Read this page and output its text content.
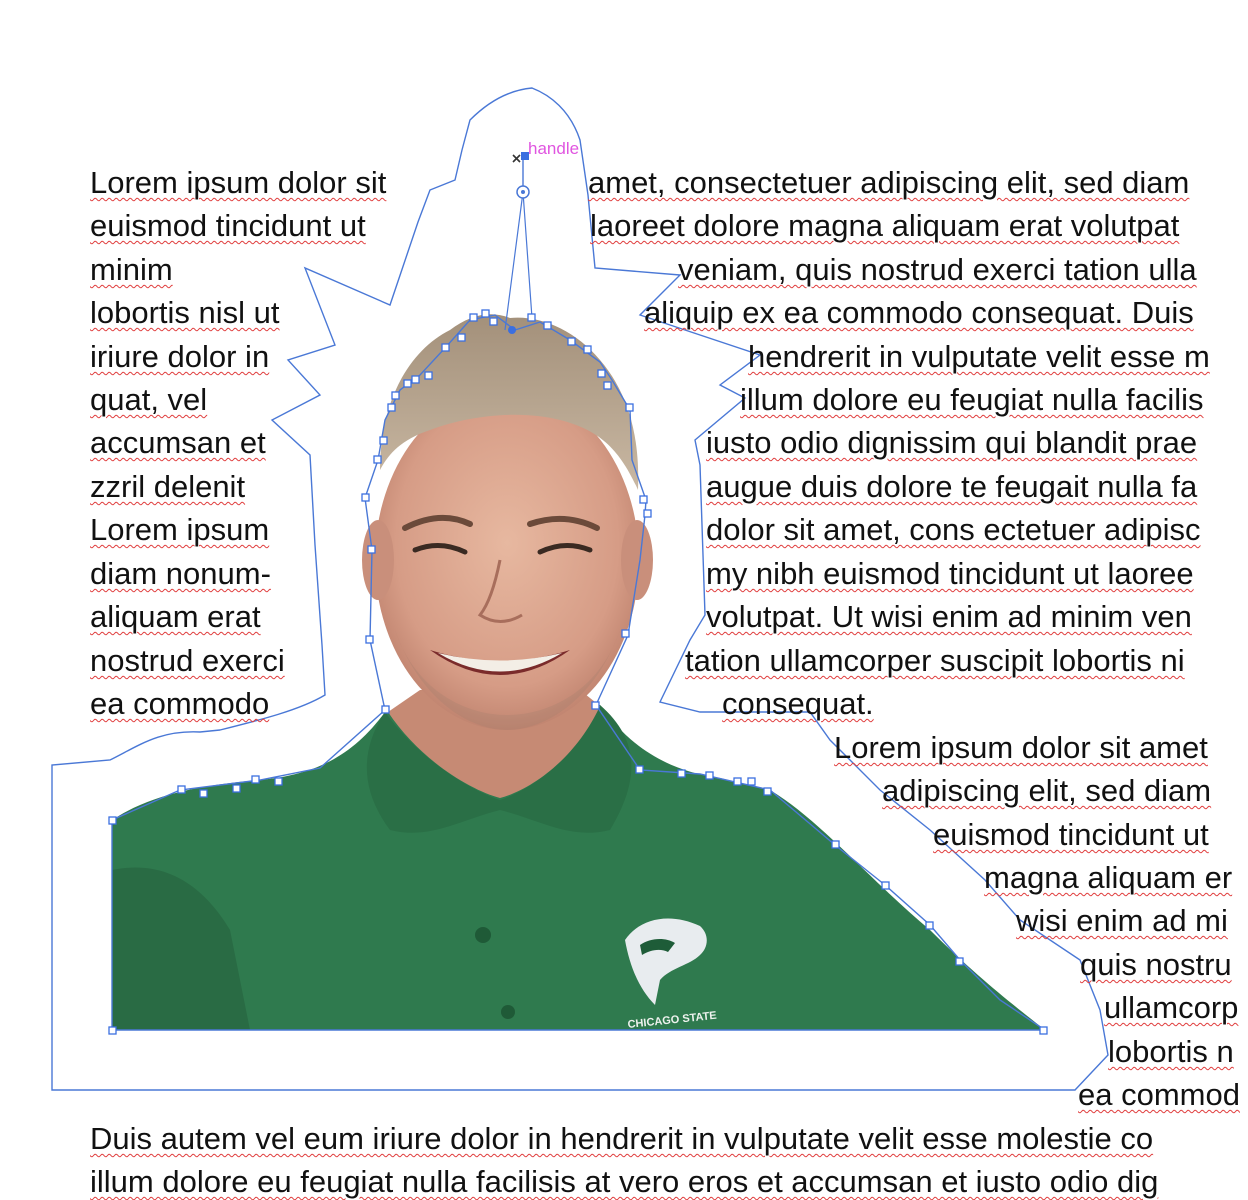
CHICAGO STATE
handle
Lorem ipsum dolor sit	amet, consectetuer adipiscing elit, sed diam
euismod tincidunt ut	laoreet dolore magna aliquam erat volutpat
minim	veniam, quis nostrud exerci tation ulla
lobortis nisl ut	aliquip ex ea commodo consequat. Duis
iriure dolor in	hendrerit in vulputate velit esse m
quat, vel	illum dolore eu feugiat nulla facilis
accumsan et	iusto odio dignissim qui blandit prae
zzril delenit	augue duis dolore te feugait nulla fa
Lorem ipsum	dolor sit amet, cons ectetuer adipisc
diam nonum-	my nibh euismod tincidunt ut laoree
aliquam erat	volutpat. Ut wisi enim ad minim ven
nostrud exerci	tation ullamcorper suscipit lobortis ni
ea commodo	consequat.
Lorem ipsum dolor sit amet
adipiscing elit, sed diam
euismod tincidunt ut
magna aliquam er
wisi enim ad mi
quis nostru
ullamcorp
lobortis n
ea commod
Duis autem vel eum iriure dolor in hendrerit in vulputate velit esse molestie co
illum dolore eu feugiat nulla facilisis at vero eros et accumsan et iusto odio dig
